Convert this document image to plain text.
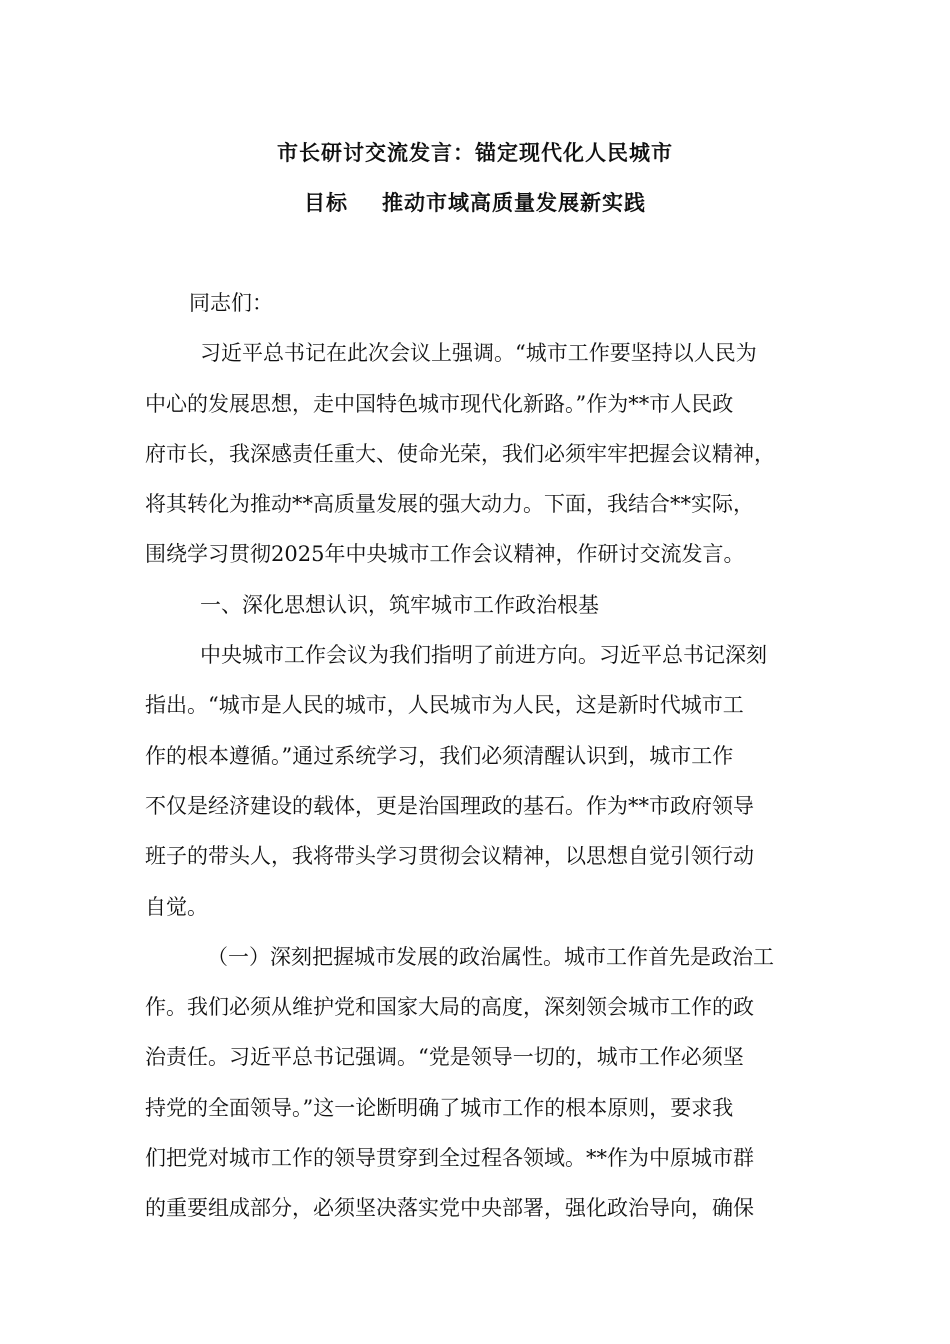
市长研讨交流发言：锚定现代化人民城市
目标 推动市域高质量发展新实践
同志们：
习近平总书记在此次会议上强调。“城市工作要坚持以人民为
中心的发展思想，走中国特色城市现代化新路。”作为**市人民政
府市长，我深感责任重大、使命光荣，我们必须牢牢把握会议精神，
将其转化为推动**高质量发展的强大动力。下面，我结合**实际，
围绕学习贯彻2025年中央城市工作会议精神，作研讨交流发言。
一、深化思想认识，筑牢城市工作政治根基
中央城市工作会议为我们指明了前进方向。习近平总书记深刻
指出。“城市是人民的城市，人民城市为人民，这是新时代城市工
作的根本遵循。”通过系统学习，我们必须清醒认识到，城市工作
不仅是经济建设的载体，更是治国理政的基石。作为**市政府领导
班子的带头人，我将带头学习贯彻会议精神，以思想自觉引领行动
自觉。
（一）深刻把握城市发展的政治属性。城市工作首先是政治工
作。我们必须从维护党和国家大局的高度，深刻领会城市工作的政
治责任。习近平总书记强调。“党是领导一切的，城市工作必须坚
持党的全面领导。”这一论断明确了城市工作的根本原则，要求我
们把党对城市工作的领导贯穿到全过程各领域。**作为中原城市群
的重要组成部分，必须坚决落实党中央部署，强化政治导向，确保
